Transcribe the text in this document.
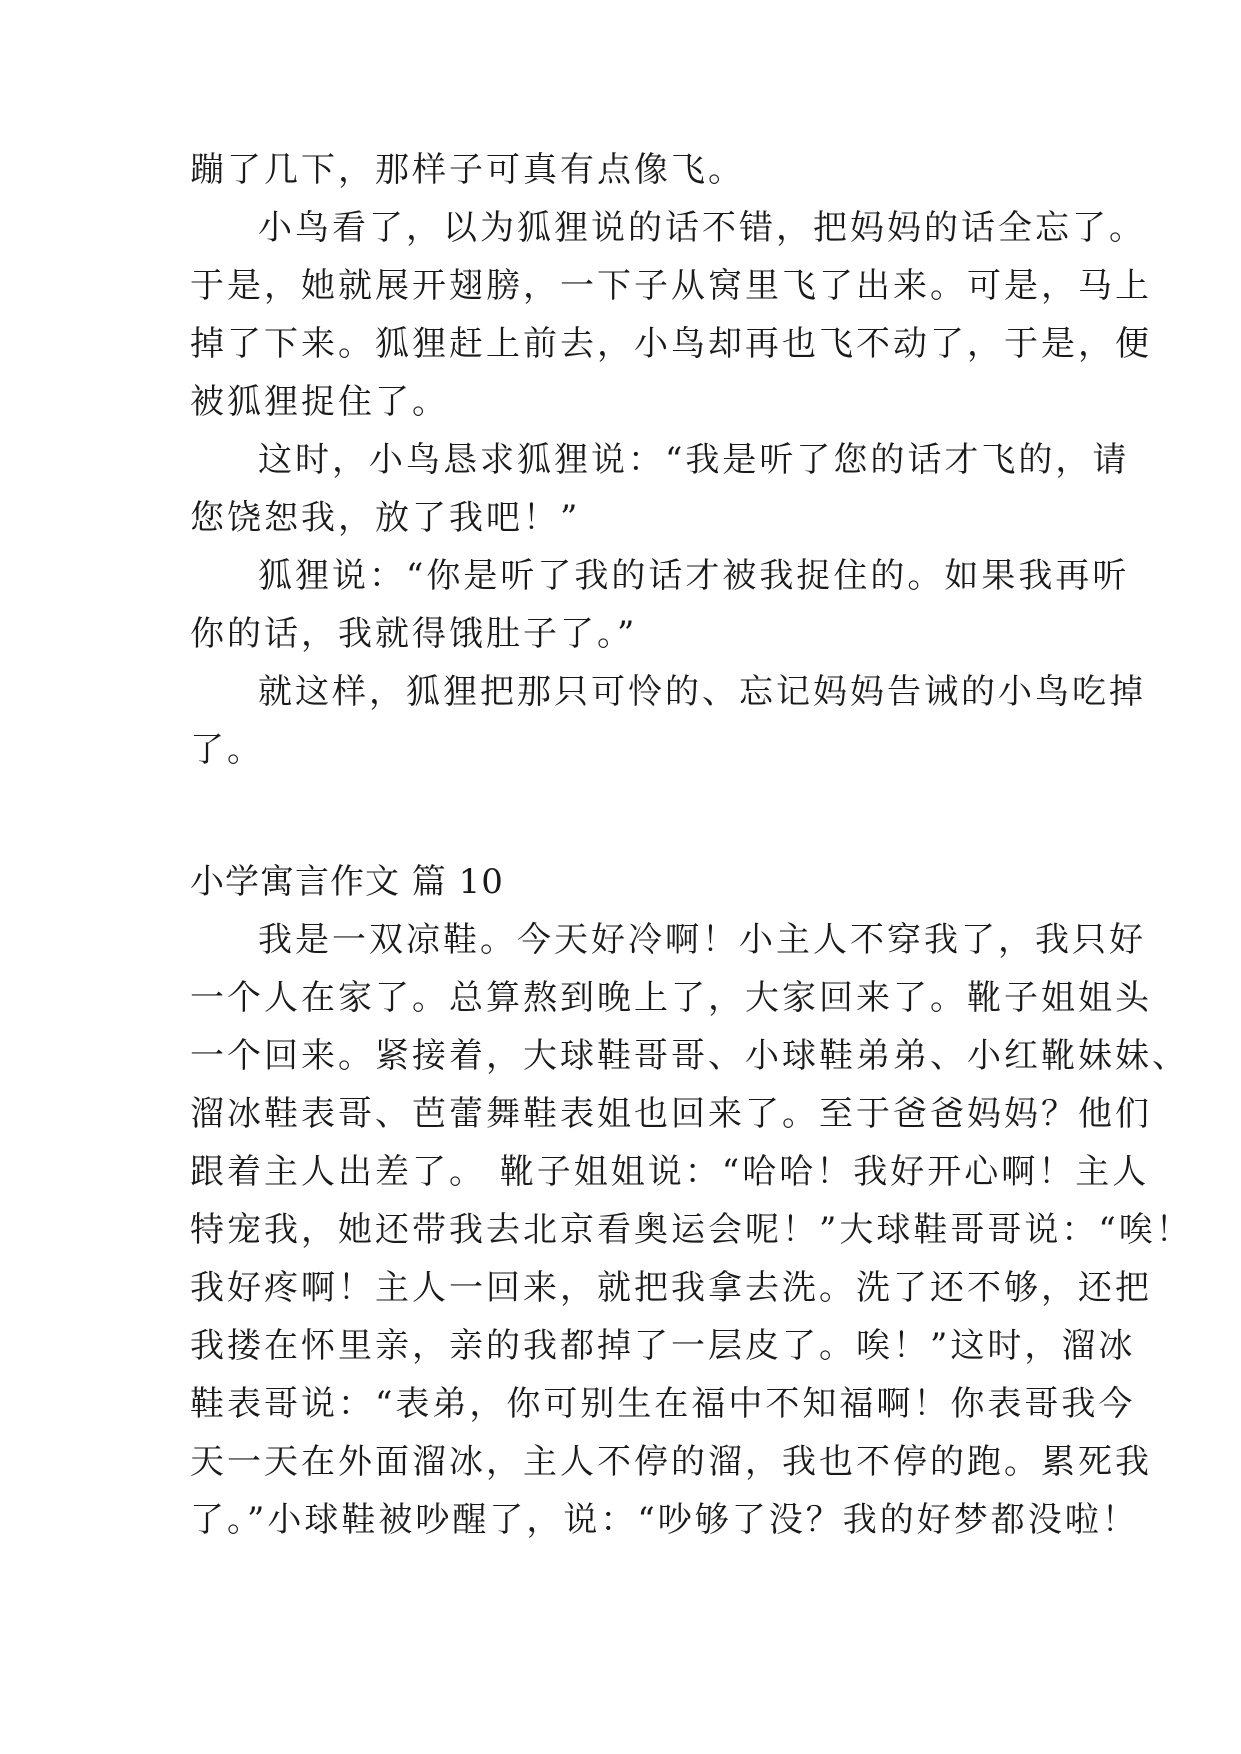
蹦了几下，那样子可真有点像飞。
小鸟看了，以为狐狸说的话不错，把妈妈的话全忘了。
于是，她就展开翅膀，一下子从窝里飞了出来。可是，马上
掉了下来。狐狸赶上前去，小鸟却再也飞不动了，于是，便
被狐狸捉住了。
这时，小鸟恳求狐狸说：“我是听了您的话才飞的，请
您饶恕我，放了我吧！”
狐狸说：“你是听了我的话才被我捉住的。如果我再听
你的话，我就得饿肚子了。”
就这样，狐狸把那只可怜的、忘记妈妈告诫的小鸟吃掉
了。
小学寓言作文 篇 10
我是一双凉鞋。今天好冷啊！小主人不穿我了，我只好
一个人在家了。总算熬到晚上了，大家回来了。靴子姐姐头
一个回来。紧接着，大球鞋哥哥、小球鞋弟弟、小红靴妹妹、
溜冰鞋表哥、芭蕾舞鞋表姐也回来了。至于爸爸妈妈？他们
跟着主人出差了。 靴子姐姐说：“哈哈！我好开心啊！主人
特宠我，她还带我去北京看奥运会呢！”大球鞋哥哥说：“唉！
我好疼啊！主人一回来，就把我拿去洗。洗了还不够，还把
我搂在怀里亲，亲的我都掉了一层皮了。唉！”这时，溜冰
鞋表哥说：“表弟，你可别生在福中不知福啊！你表哥我今
天一天在外面溜冰，主人不停的溜，我也不停的跑。累死我
了。”小球鞋被吵醒了，说：“吵够了没？我的好梦都没啦！
